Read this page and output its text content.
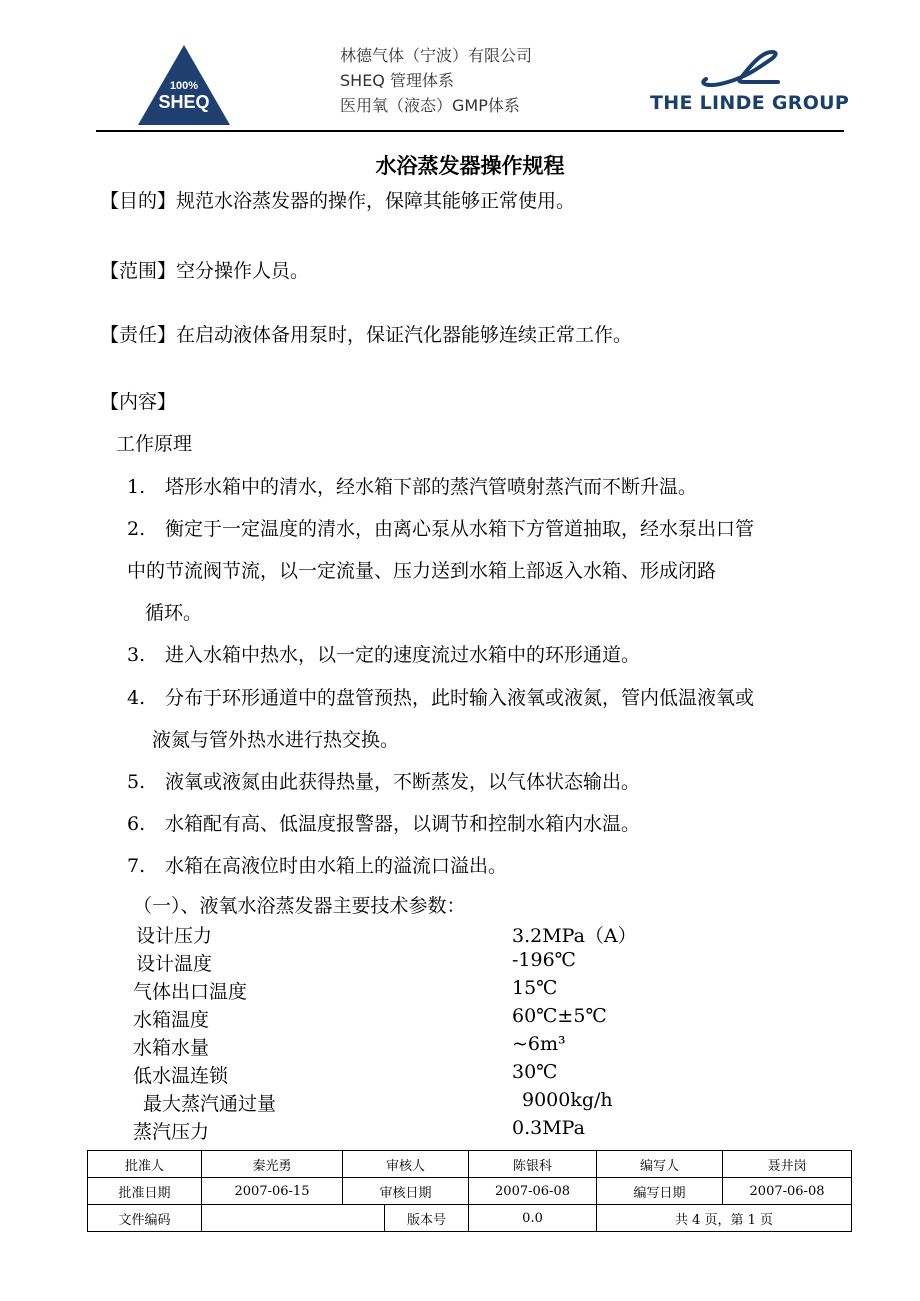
100%
SHEQ
林德气体（宁波）有限公司
SHEQ 管理体系
医用氧（液态）GMP体系	THE LINDE GROUP
水浴蒸发器操作规程
【目的】规范水浴蒸发器的操作，保障其能够正常使用。
【范围】空分操作人员。
【责任】在启动液体备用泵时，保证汽化器能够连续正常工作。
【内容】
工作原理
1. 塔形水箱中的清水，经水箱下部的蒸汽管喷射蒸汽而不断升温。
2. 衡定于一定温度的清水，由离心泵从水箱下方管道抽取，经水泵出口管
中的节流阀节流，以一定流量、压力送到水箱上部返入水箱、形成闭路
循环。
3. 进入水箱中热水，以一定的速度流过水箱中的环形通道。
4. 分布于环形通道中的盘管预热，此时输入液氧或液氮，管内低温液氧或
液氮与管外热水进行热交换。
5. 液氧或液氮由此获得热量，不断蒸发，以气体状态输出。
6. 水箱配有高、低温度报警器，以调节和控制水箱内水温。
7. 水箱在高液位时由水箱上的溢流口溢出。
（一）、液氧水浴蒸发器主要技术参数：
设计压力	3.2MPa（A）
设计温度	-196℃
气体出口温度	15℃
水箱温度	60℃±5℃
水箱水量	~6m³
低水温连锁	30℃
最大蒸汽通过量	9000kg/h
蒸汽压力	0.3MPa
批准人	秦光勇	审核人		陈银科	编写人	聂井岗
批准日期	2007-06-15	审核日期		2007-06-08	编写日期	2007-06-08
文件编码			版本号	0.0	共 4 页，第 1 页	
